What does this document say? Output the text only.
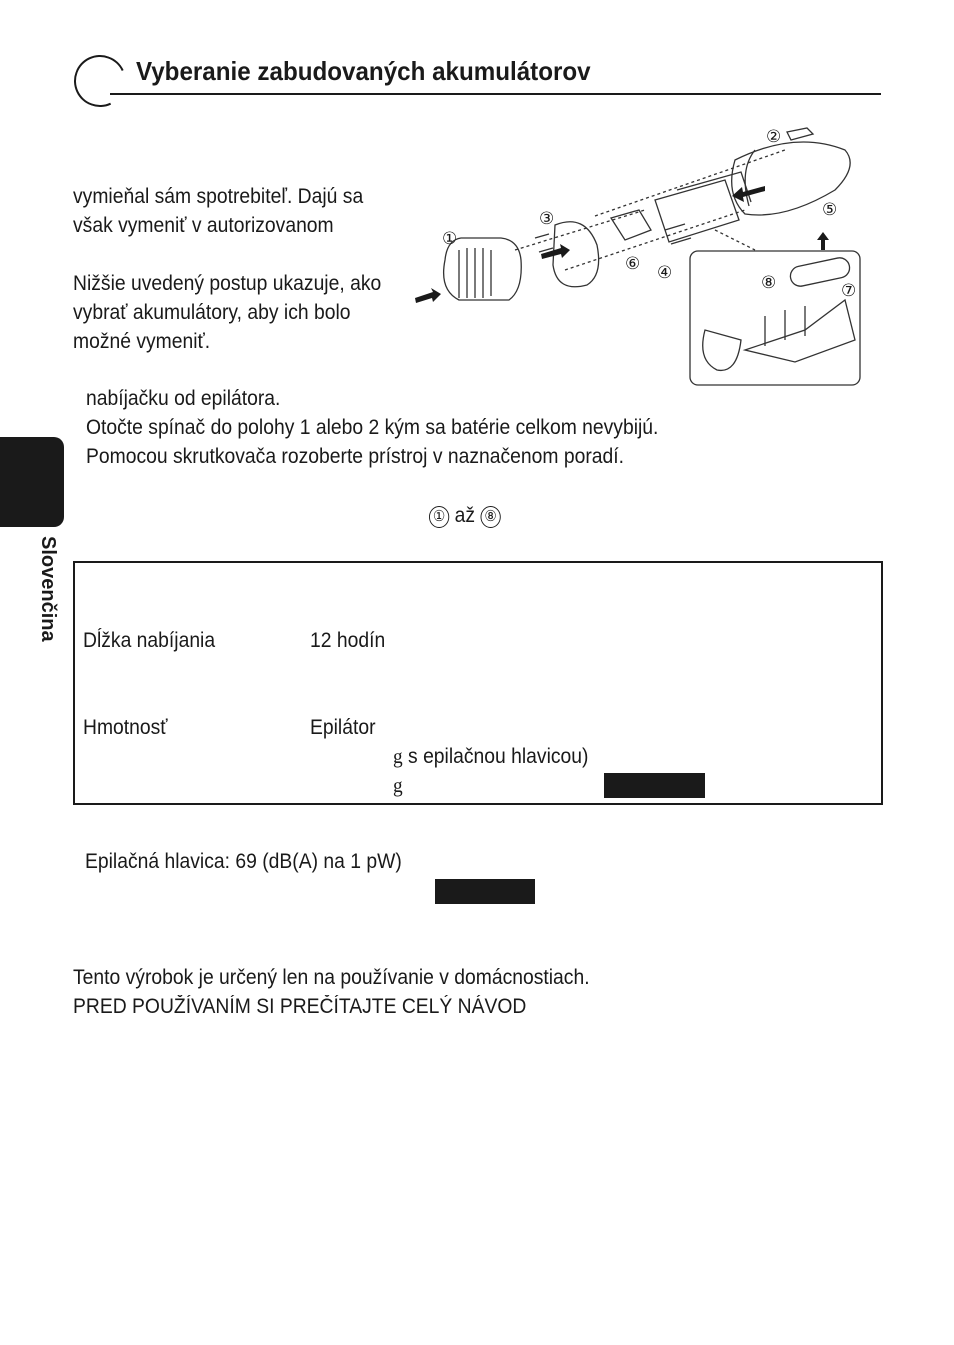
Vyberanie zabudovaných akumulátorov
vymieňal sám spotrebiteľ. Dajú sa
však vymeniť v autorizovanom
Nižšie uvedený postup ukazuje, ako
vybrať akumulátory, aby ich bolo
možné vymeniť.
①
②
③
④
⑤
⑥
⑦
⑧
nabíjačku od epilátora.
Otočte spínač do polohy 1 alebo 2 kým sa batérie celkom nevybijú.
Pomocou skrutkovača rozoberte prístroj v naznačenom poradí.
① až ⑧
Slovenčina Dĺžka nabíjania	12 hodín
Hmotnosť	Epilátor
g s epilačnou hlavicou)
g
Epilačná hlavica: 69 (dB(A) na 1 pW)
Tento výrobok je určený len na používanie v domácnostiach.
PRED POUŽÍVANÍM SI PREČÍTAJTE CELÝ NÁVOD
